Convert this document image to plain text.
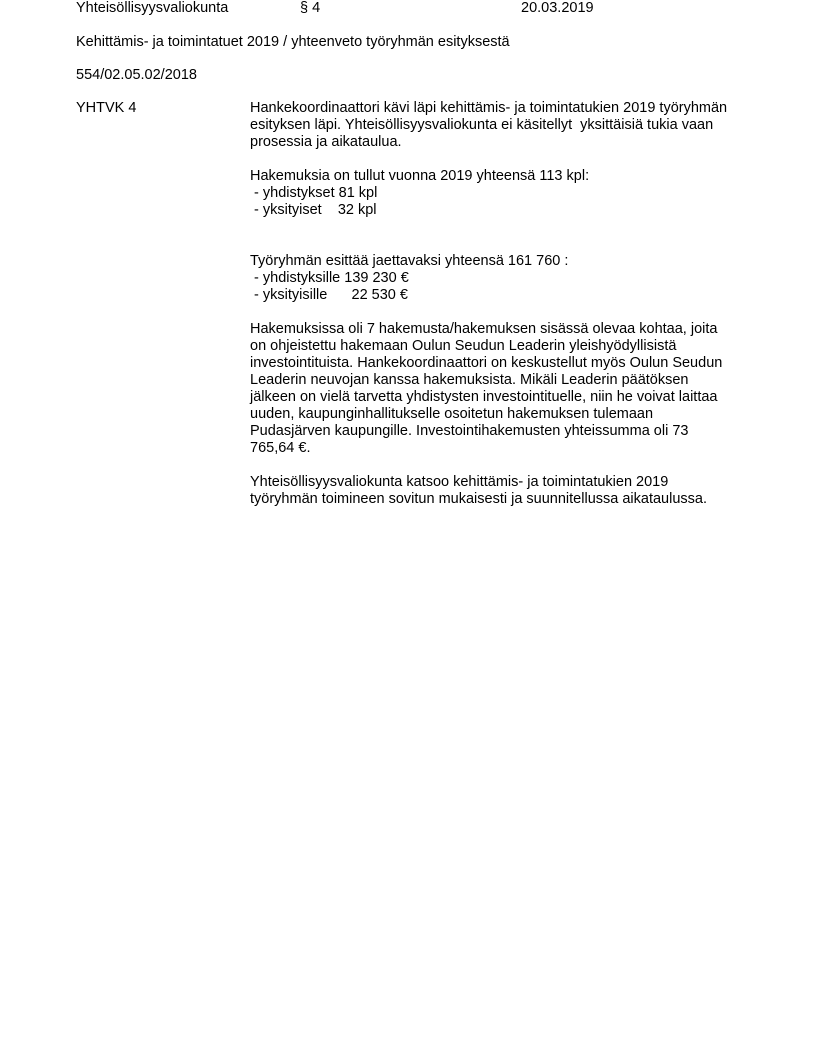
Yhteisöllisyysvaliokunta	§ 4	20.03.2019
Kehittämis- ja toimintatuet 2019 / yhteenveto työryhmän esityksestä
554/02.05.02/2018
YHTVK 4	Hankekoordinaattori kävi läpi kehittämis- ja toimintatukien 2019 työryhmän
esityksen läpi. Yhteisöllisyysvaliokunta ei käsitellyt  yksittäisiä tukia vaan
prosessia ja aikataulua.
Hakemuksia on tullut vuonna 2019 yhteensä 113 kpl:
- yhdistykset 81 kpl
- yksityiset    32 kpl
Työryhmän esittää jaettavaksi yhteensä 161 760 :
- yhdistyksille 139 230 €
- yksityisille      22 530 €
Hakemuksissa oli 7 hakemusta/hakemuksen sisässä olevaa kohtaa, joita
on ohjeistettu hakemaan Oulun Seudun Leaderin yleishyödyllisistä
investointituista. Hankekoordinaattori on keskustellut myös Oulun Seudun
Leaderin neuvojan kanssa hakemuksista. Mikäli Leaderin päätöksen
jälkeen on vielä tarvetta yhdistysten investointituelle, niin he voivat laittaa
uuden, kaupunginhallitukselle osoitetun hakemuksen tulemaan
Pudasjärven kaupungille. Investointihakemusten yhteissumma oli 73
765,64 €.
Yhteisöllisyysvaliokunta katsoo kehittämis- ja toimintatukien 2019
työryhmän toimineen sovitun mukaisesti ja suunnitellussa aikataulussa.
